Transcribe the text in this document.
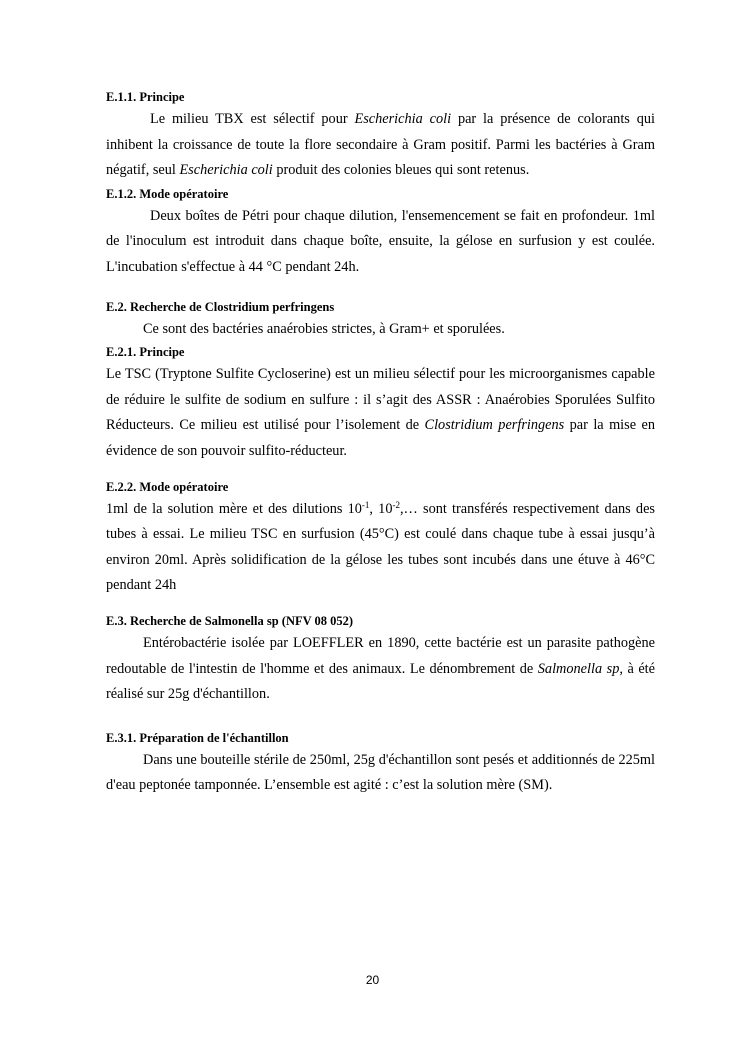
E.1.1. Principe

Le milieu TBX est sélectif pour Escherichia coli par la présence de colorants qui inhibent la croissance de toute la flore secondaire à Gram positif. Parmi les bactéries à Gram négatif, seul Escherichia coli produit des colonies bleues qui sont retenus.

E.1.2. Mode opératoire

Deux boîtes de Pétri pour chaque dilution, l'ensemencement se fait en profondeur. 1ml de l'inoculum est introduit dans chaque boîte, ensuite, la gélose en surfusion y est coulée. L'incubation s'effectue à 44 °C pendant 24h.

E.2. Recherche de Clostridium perfringens

Ce sont des bactéries anaérobies strictes, à Gram+ et sporulées.

E.2.1. Principe

Le TSC (Tryptone Sulfite Cycloserine) est un milieu sélectif pour les microorganismes capable de réduire le sulfite de sodium en sulfure : il s’agit des ASSR : Anaérobies Sporulées Sulfito Réducteurs. Ce milieu est utilisé pour l’isolement de Clostridium perfringens par la mise en évidence de son pouvoir sulfito-réducteur.

E.2.2. Mode opératoire

1ml de la solution mère et des dilutions $10^{-1}$, $10^{-2},\dots$ sont transférés respectivement dans des tubes à essai. Le milieu TSC en surfusion (45°C) est coulé dans chaque tube à essai jusqu’à environ 20ml. Après solidification de la gélose les tubes sont incubés dans une étuve à 46°C pendant 24h

E.3. Recherche de Salmonella sp (NFV 08 052)

Entérobactérie isolée par LOEFFLER en 1890, cette bactérie est un parasite pathogène redoutable de l'intestin de l'homme et des animaux. Le dénombrement de Salmonella sp, à été réalisé sur 25g d'échantillon.

E.3.1. Préparation de l'échantillon

Dans une bouteille stérile de 250ml, 25g d'échantillon sont pesés et additionnés de 225ml d'eau peptonée tamponnée. L’ensemble est agité : c’est la solution mère (SM).

20
